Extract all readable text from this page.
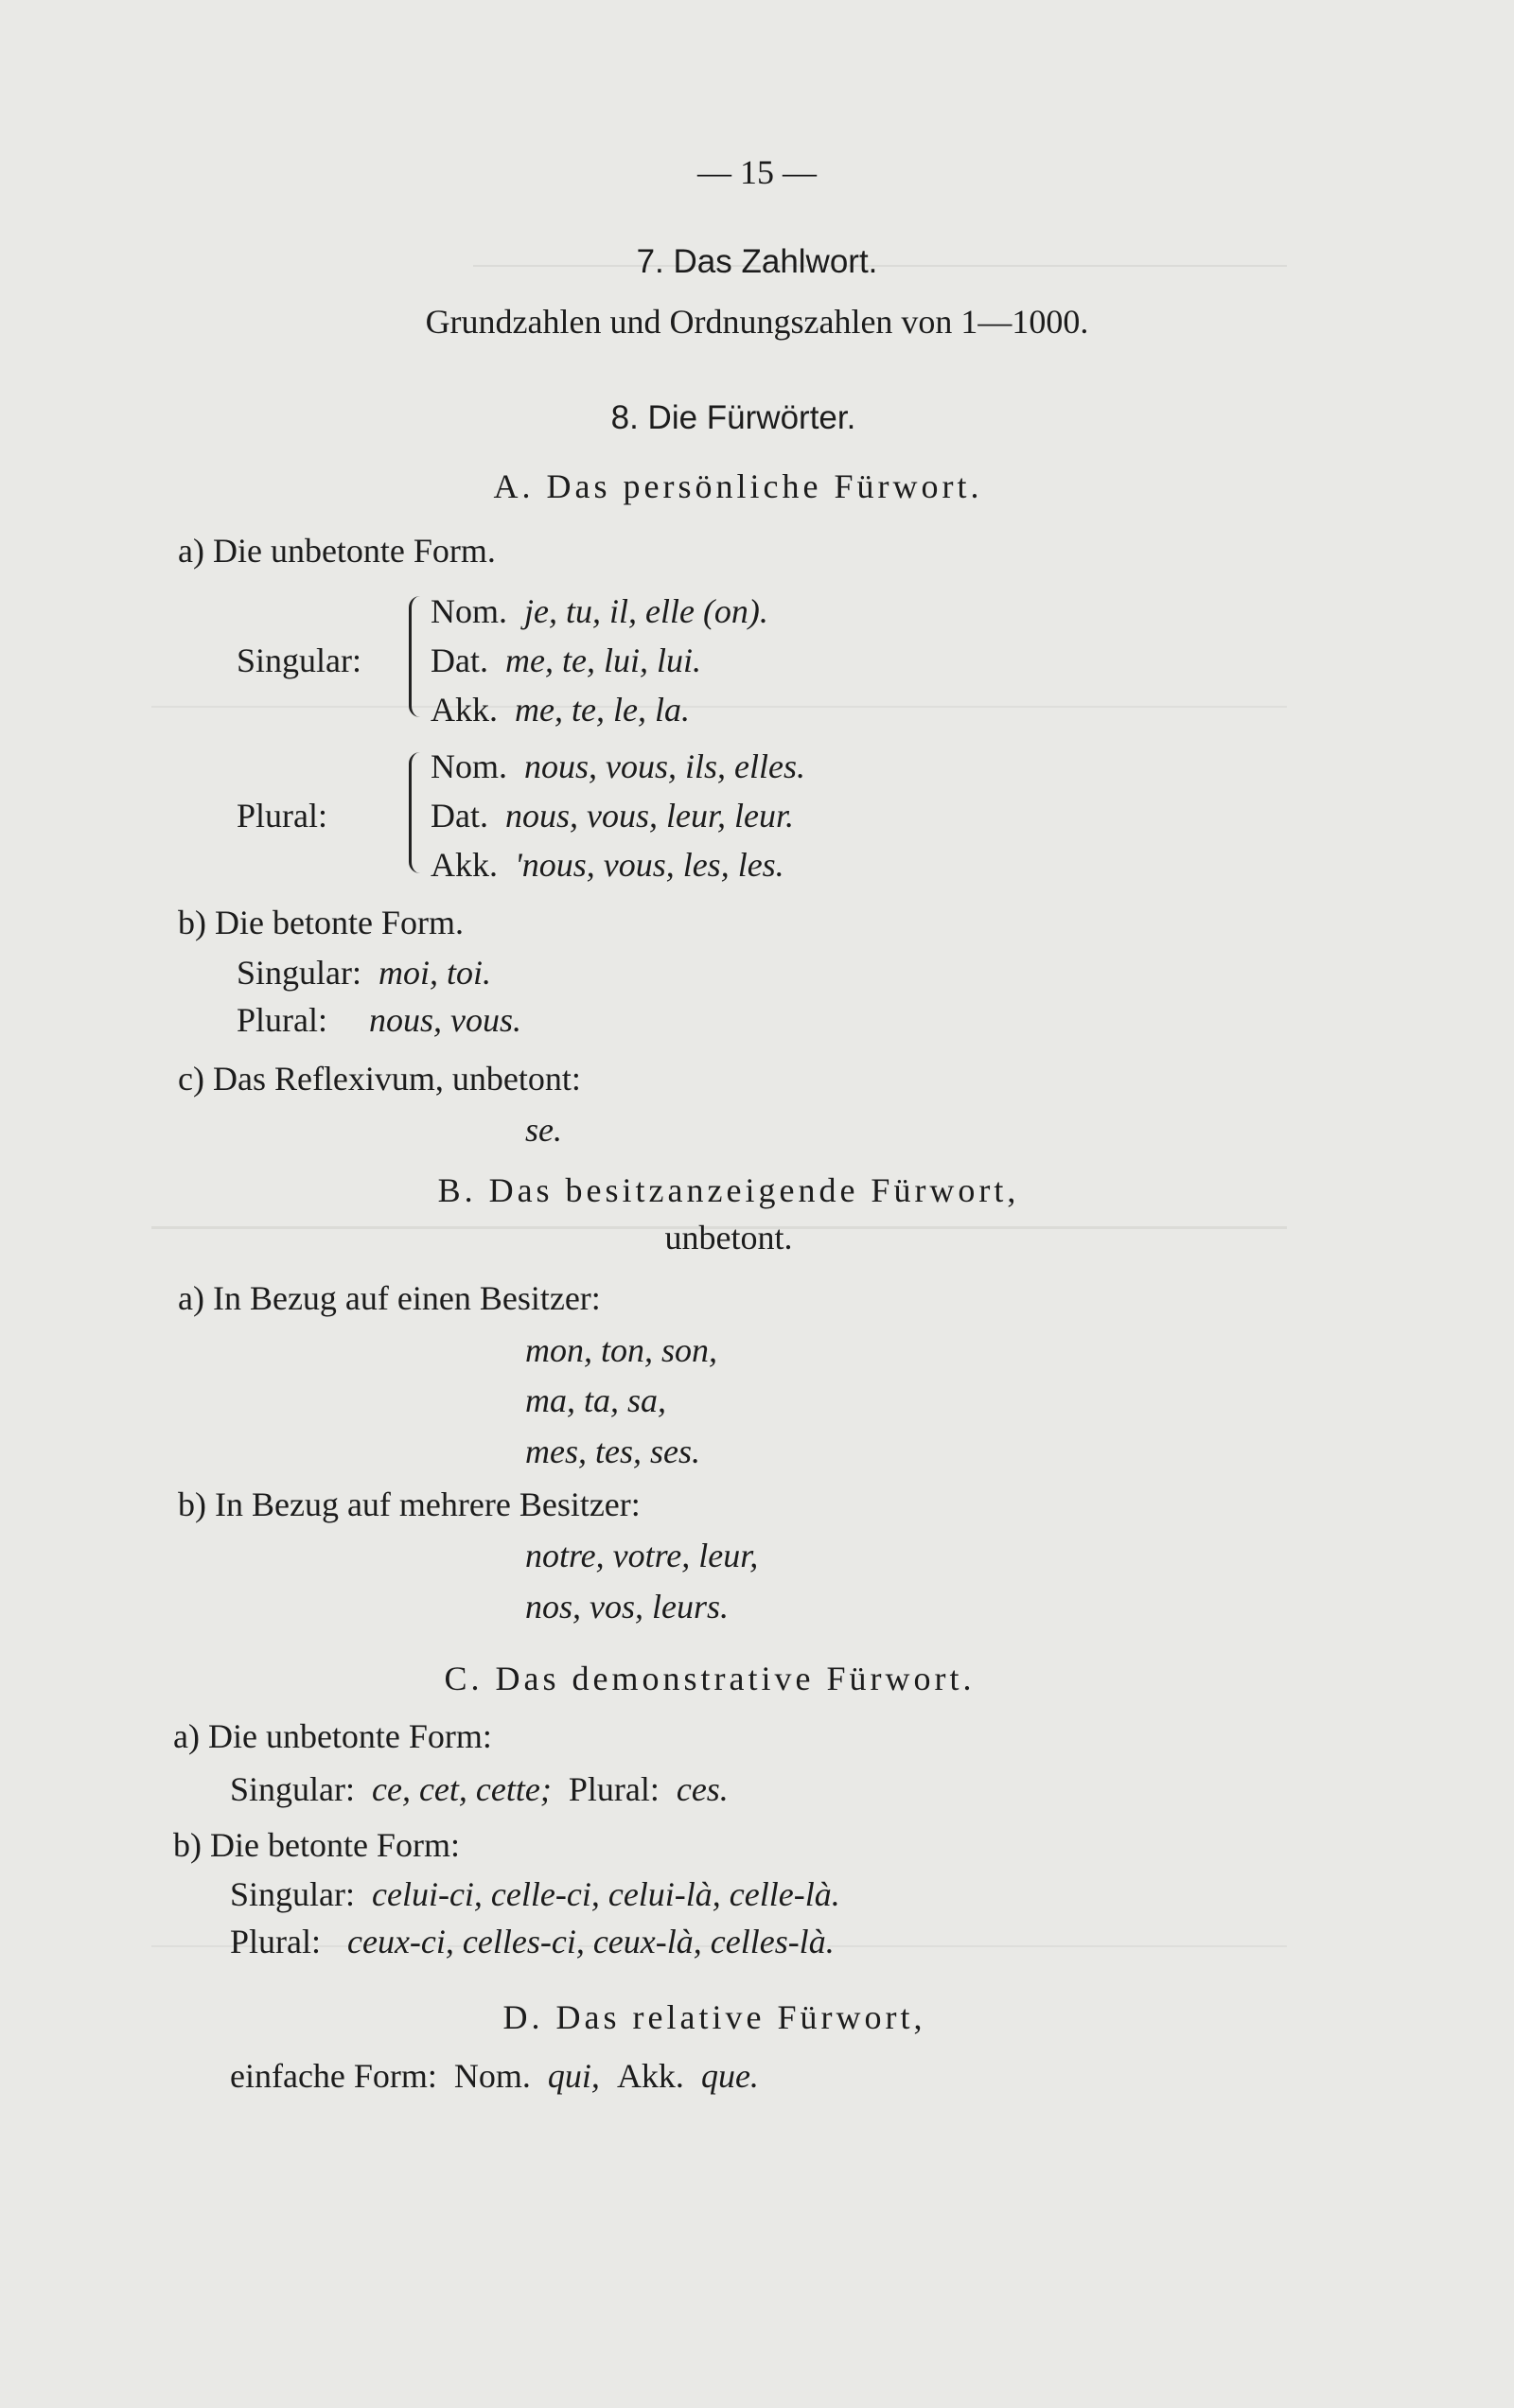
— 15 —
7. Das Zahlwort.
Grundzahlen und Ordnungszahlen von 1—1000.
8. Die Fürwörter.
A. Das persönliche Fürwort.
a) Die unbetonte Form.
Singular:
Nom. je, tu, il, elle (on).
Dat. me, te, lui, lui.
Akk. me, te, le, la.
Plural:
Nom. nous, vous, ils, elles.
Dat. nous, vous, leur, leur.
Akk. 'nous, vous, les, les.
b) Die betonte Form.
Singular: moi, toi.
Plural: nous, vous.
c) Das Reflexivum, unbetont:
se.
B. Das besitzanzeigende Fürwort,
unbetont.
a) In Bezug auf einen Besitzer:
mon, ton, son,
ma, ta, sa,
mes, tes, ses.
b) In Bezug auf mehrere Besitzer:
notre, votre, leur,
nos, vos, leurs.
C. Das demonstrative Fürwort.
a) Die unbetonte Form:
Singular: ce, cet, cette; Plural: ces.
b) Die betonte Form:
Singular: celui-ci, celle-ci, celui-là, celle-là.
Plural: ceux-ci, celles-ci, ceux-là, celles-là.
D. Das relative Fürwort,
einfache Form: Nom. qui, Akk. que.
